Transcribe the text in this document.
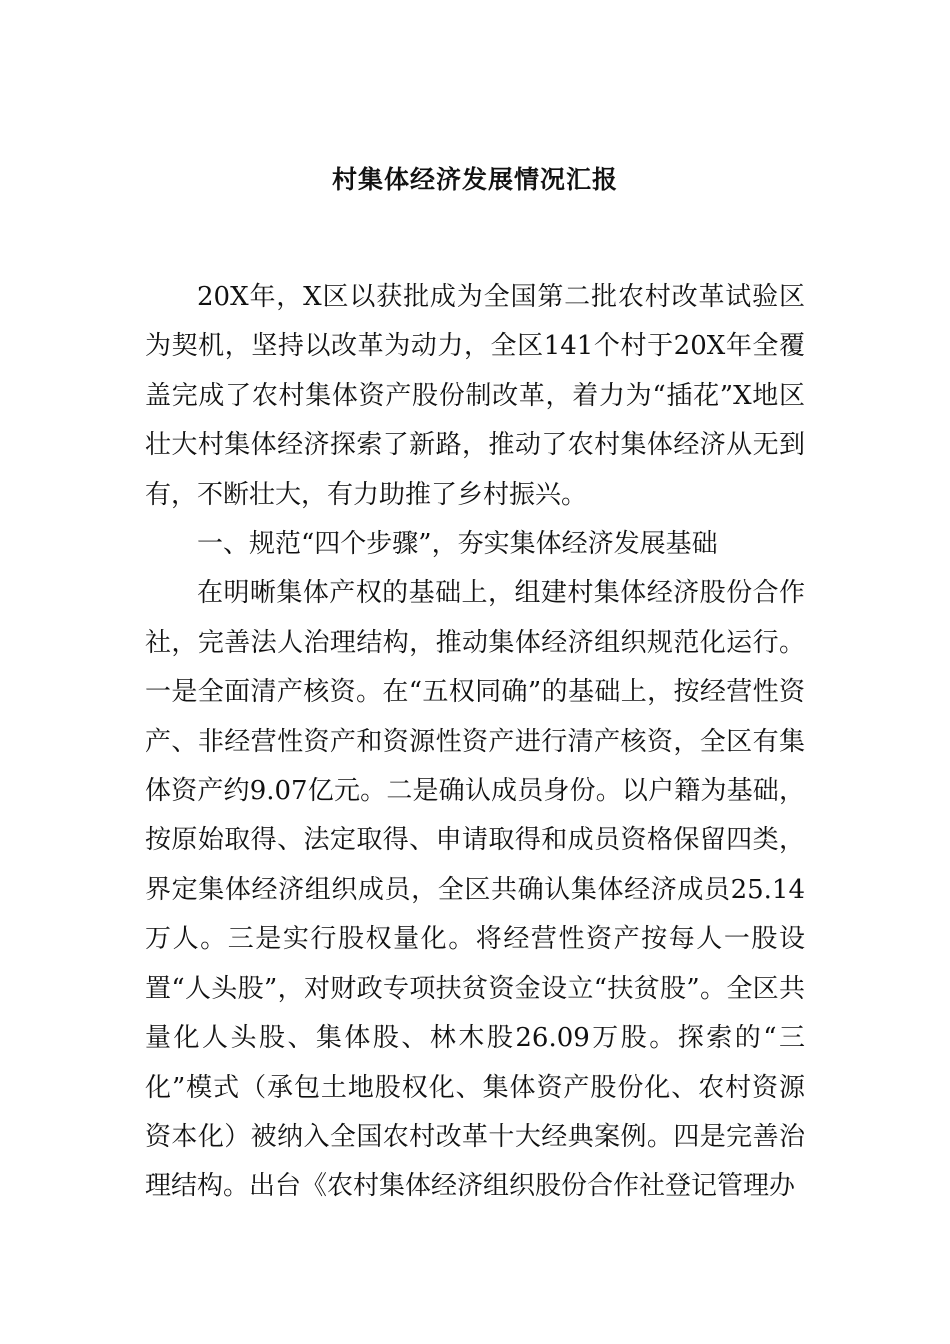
村集体经济发展情况汇报

20X年，X区以获批成为全国第二批农村改革试验区为契机，坚持以改革为动力，全区141个村于20X年全覆盖完成了农村集体资产股份制改革，着力为“插花”X地区壮大村集体经济探索了新路，推动了农村集体经济从无到有，不断壮大，有力助推了乡村振兴。

一、规范“四个步骤”，夯实集体经济发展基础

在明晰集体产权的基础上，组建村集体经济股份合作社，完善法人治理结构，推动集体经济组织规范化运行。一是全面清产核资。在“五权同确”的基础上，按经营性资产、非经营性资产和资源性资产进行清产核资，全区有集体资产约9.07亿元。二是确认成员身份。以户籍为基础，按原始取得、法定取得、申请取得和成员资格保留四类，界定集体经济组织成员，全区共确认集体经济成员25.14万人。三是实行股权量化。将经营性资产按每人一股设置“人头股”，对财政专项扶贫资金设立“扶贫股”。全区共量化人头股、集体股、林木股26.09万股。探索的“三化”模式（承包土地股权化、集体资产股份化、农村资源资本化）被纳入全国农村改革十大经典案例。四是完善治理结构。出台《农村集体经济组织股份合作社登记管理办
